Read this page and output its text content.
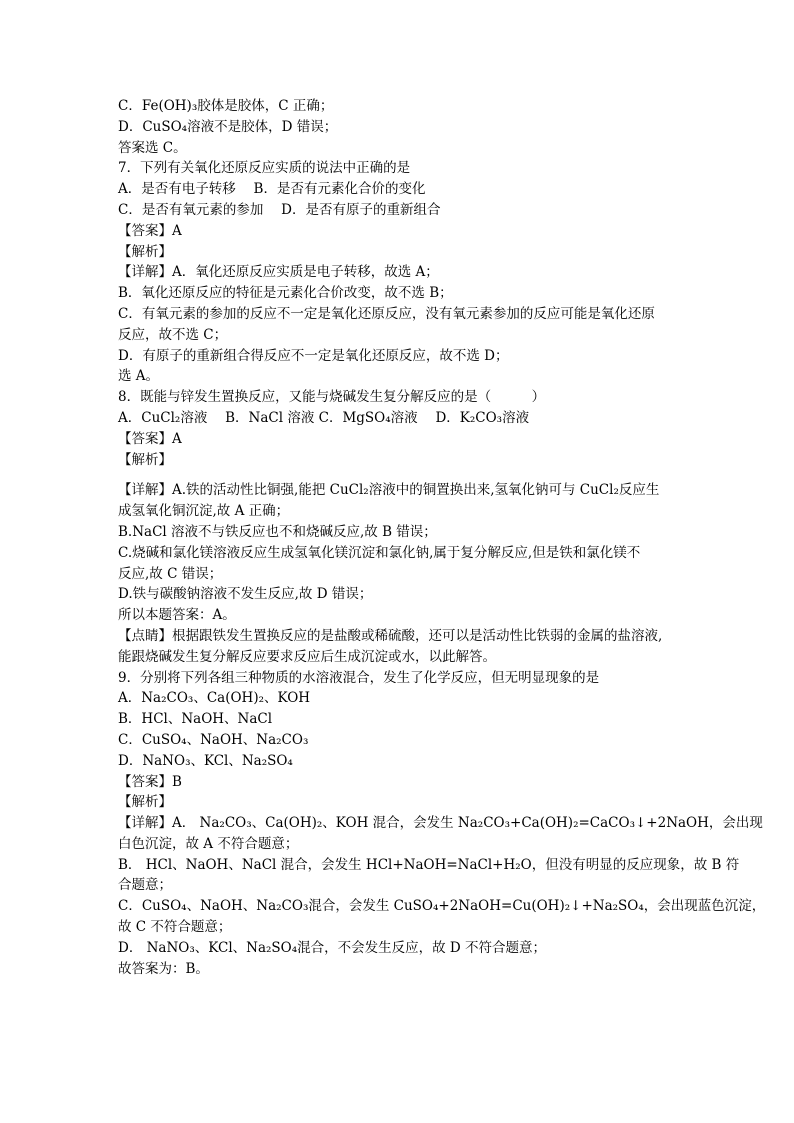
C．Fe(OH)₃胶体是胶体，C 正确；
D．CuSO₄溶液不是胶体，D 错误；
答案选 C。
7．下列有关氧化还原反应实质的说法中正确的是
A．是否有电子转移　 B．是否有元素化合价的变化
C．是否有氧元素的参加　 D．是否有原子的重新组合
【答案】A
【解析】
【详解】A．氧化还原反应实质是电子转移，故选 A；
B．氧化还原反应的特征是元素化合价改变，故不选 B；
C．有氧元素的参加的反应不一定是氧化还原反应，没有氧元素参加的反应可能是氧化还原
反应，故不选 C；
D．有原子的重新组合得反应不一定是氧化还原反应，故不选 D；
选 A。
8．既能与锌发生置换反应，又能与烧碱发生复分解反应的是（　　　）
A．CuCl₂溶液　 B．NaCl 溶液 C．MgSO₄溶液　 D．K₂CO₃溶液
【答案】A
【解析】
【详解】A.铁的活动性比铜强,能把 CuCl₂溶液中的铜置换出来,氢氧化钠可与 CuCl₂反应生
成氢氧化铜沉淀,故 A 正确；
B.NaCl 溶液不与铁反应也不和烧碱反应,故 B 错误；
C.烧碱和氯化镁溶液反应生成氢氧化镁沉淀和氯化钠,属于复分解反应,但是铁和氯化镁不
反应,故 C 错误；
D.铁与碳酸钠溶液不发生反应,故 D 错误；
所以本题答案：A。
【点睛】根据跟铁发生置换反应的是盐酸或稀硫酸，还可以是活动性比铁弱的金属的盐溶液,
能跟烧碱发生复分解反应要求反应后生成沉淀或水，以此解答。
9．分别将下列各组三种物质的水溶液混合，发生了化学反应，但无明显现象的是
A．Na₂CO₃、Ca(OH)₂、KOH
B．HCl、NaOH、NaCl
C．CuSO₄、NaOH、Na₂CO₃
D．NaNO₃、KCl、Na₂SO₄
【答案】B
【解析】
【详解】A． Na₂CO₃、Ca(OH)₂、KOH 混合，会发生 Na₂CO₃+Ca(OH)₂=CaCO₃↓+2NaOH，会出现
白色沉淀，故 A 不符合题意；
B． HCl、NaOH、NaCl 混合，会发生 HCl+NaOH=NaCl+H₂O，但没有明显的反应现象，故 B 符
合题意；
C．CuSO₄、NaOH、Na₂CO₃混合，会发生 CuSO₄+2NaOH=Cu(OH)₂↓+Na₂SO₄，会出现蓝色沉淀，
故 C 不符合题意；
D． NaNO₃、KCl、Na₂SO₄混合，不会发生反应，故 D 不符合题意；
故答案为：B。
